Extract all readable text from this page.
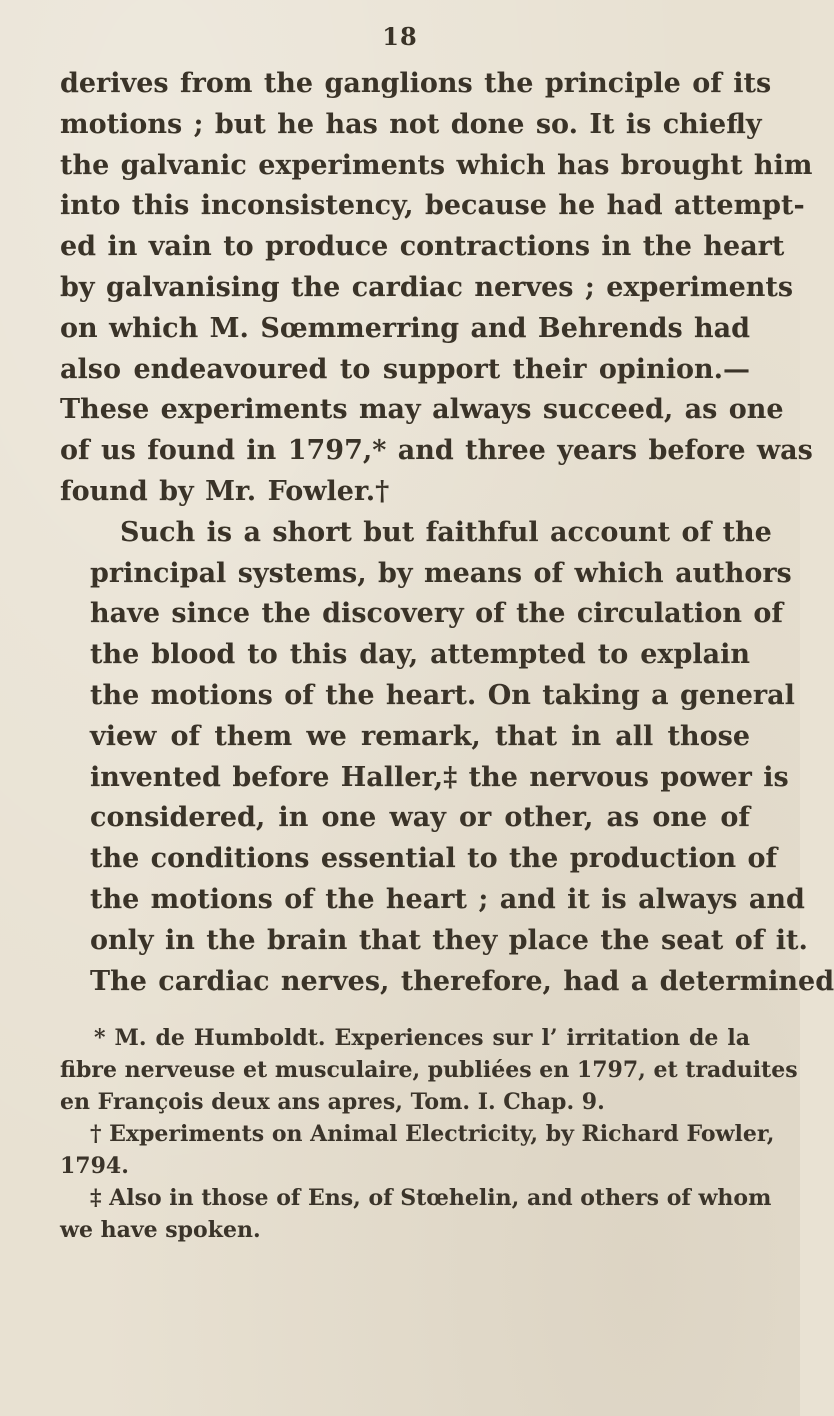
18

derives from the ganglions the principle of its
motions ; but he has not done so. It is chiefly
the galvanic experiments which has brought him
into this inconsistency, because he had attempt-
ed in vain to produce contractions in the heart
by galvanising the cardiac nerves ; experiments
on which M. Sœmmerring and Behrends had
also endeavoured to support their opinion.—
These experiments may always succeed, as one
of us found in 1797,* and three years before was
found by Mr. Fowler.†

Such is a short but faithful account of the
principal systems, by means of which authors
have since the discovery of the circulation of
the blood to this day, attempted to explain
the motions of the heart. On taking a general
view of them we remark, that in all those
invented before Haller,‡ the nervous power is
considered, in one way or other, as one of
the conditions essential to the production of
the motions of the heart ; and it is always and
only in the brain that they place the seat of it.
The cardiac nerves, therefore, had a determined

* M. de Humboldt. Experiences sur l’ irritation de la
fibre nerveuse et musculaire, publiées en 1797, et traduites
en François deux ans apres, Tom. I. Chap. 9.
† Experiments on Animal Electricity, by Richard Fowler,
1794.
‡ Also in those of Ens, of Stœhelin, and others of whom
we have spoken.
